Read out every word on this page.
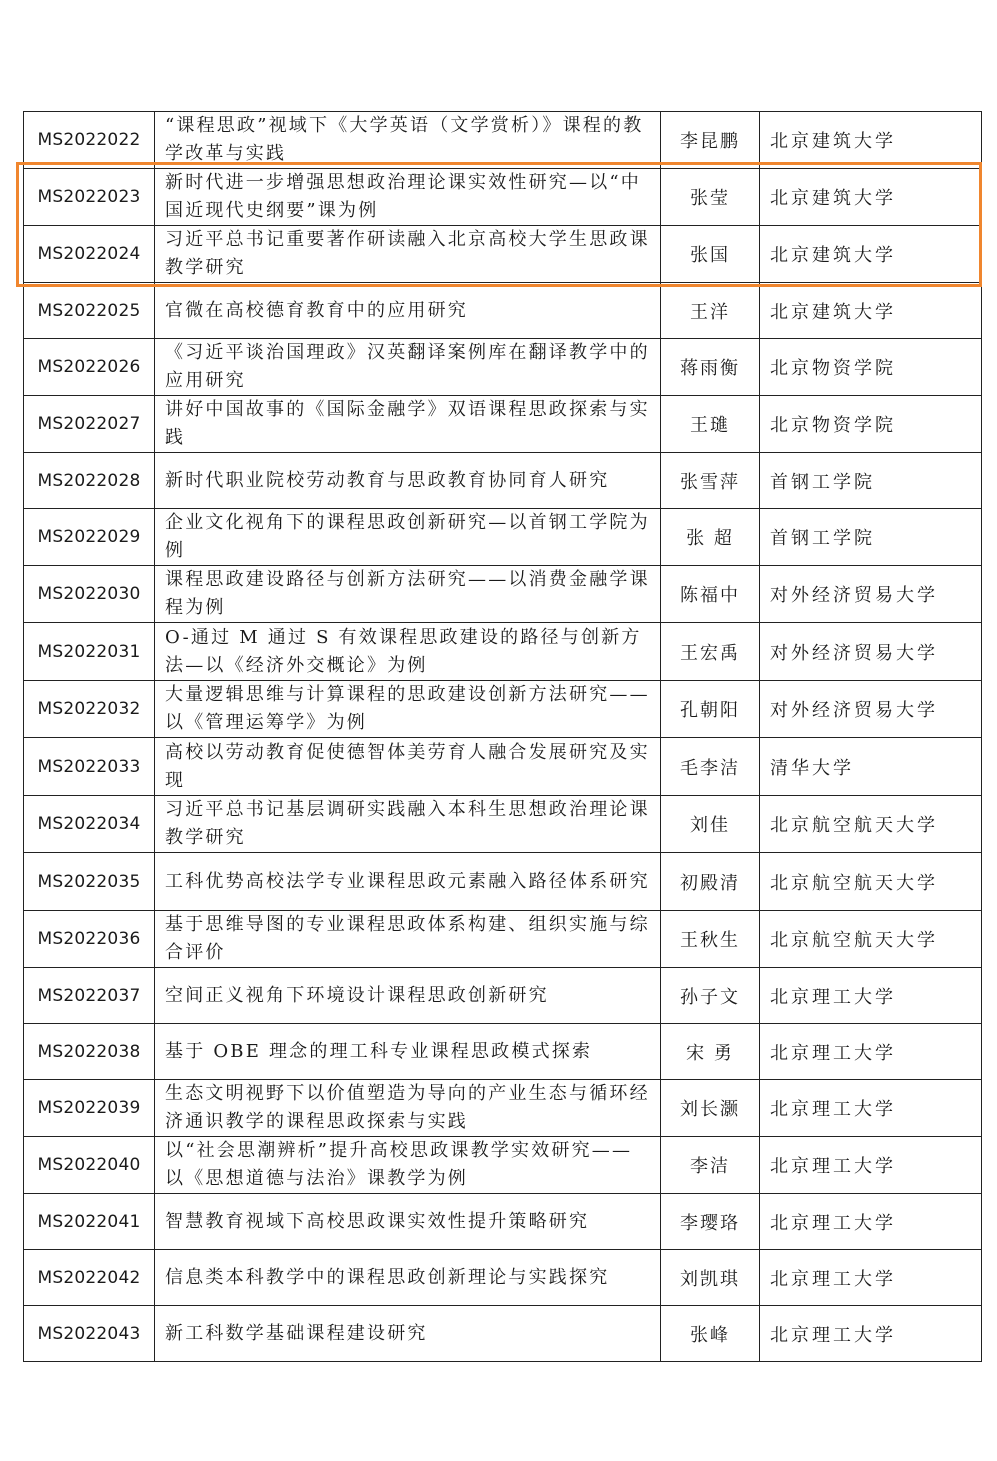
MS2022022	“课程思政”视域下《大学英语（文学赏析）》课程的教学改革与实践	李昆鹏	北京建筑大学
MS2022023	新时代进一步增强思想政治理论课实效性研究—以“中国近现代史纲要”课为例	张莹	北京建筑大学
MS2022024	习近平总书记重要著作研读融入北京高校大学生思政课教学研究	张国	北京建筑大学
MS2022025	官微在高校德育教育中的应用研究	王洋	北京建筑大学
MS2022026	《习近平谈治国理政》汉英翻译案例库在翻译教学中的应用研究	蒋雨衡	北京物资学院
MS2022027	讲好中国故事的《国际金融学》双语课程思政探索与实践	王璡	北京物资学院
MS2022028	新时代职业院校劳动教育与思政教育协同育人研究	张雪萍	首钢工学院
MS2022029	企业文化视角下的课程思政创新研究—以首钢工学院为例	张 超	首钢工学院
MS2022030	课程思政建设路径与创新方法研究——以消费金融学课程为例	陈福中	对外经济贸易大学
MS2022031	O-通过 M 通过 S 有效课程思政建设的路径与创新方法—以《经济外交概论》为例	王宏禹	对外经济贸易大学
MS2022032	大量逻辑思维与计算课程的思政建设创新方法研究——以《管理运筹学》为例	孔朝阳	对外经济贸易大学
MS2022033	高校以劳动教育促使德智体美劳育人融合发展研究及实现	毛李洁	清华大学
MS2022034	习近平总书记基层调研实践融入本科生思想政治理论课教学研究	刘佳	北京航空航天大学
MS2022035	工科优势高校法学专业课程思政元素融入路径体系研究	初殿清	北京航空航天大学
MS2022036	基于思维导图的专业课程思政体系构建、组织实施与综合评价	王秋生	北京航空航天大学
MS2022037	空间正义视角下环境设计课程思政创新研究	孙子文	北京理工大学
MS2022038	基于 OBE 理念的理工科专业课程思政模式探索	宋 勇	北京理工大学
MS2022039	生态文明视野下以价值塑造为导向的产业生态与循环经济通识教学的课程思政探索与实践	刘长灏	北京理工大学
MS2022040	以“社会思潮辨析”提升高校思政课教学实效研究——以《思想道德与法治》课教学为例	李洁	北京理工大学
MS2022041	智慧教育视域下高校思政课实效性提升策略研究	李璎珞	北京理工大学
MS2022042	信息类本科教学中的课程思政创新理论与实践探究	刘凯琪	北京理工大学
MS2022043	新工科数学基础课程建设研究	张峰	北京理工大学
